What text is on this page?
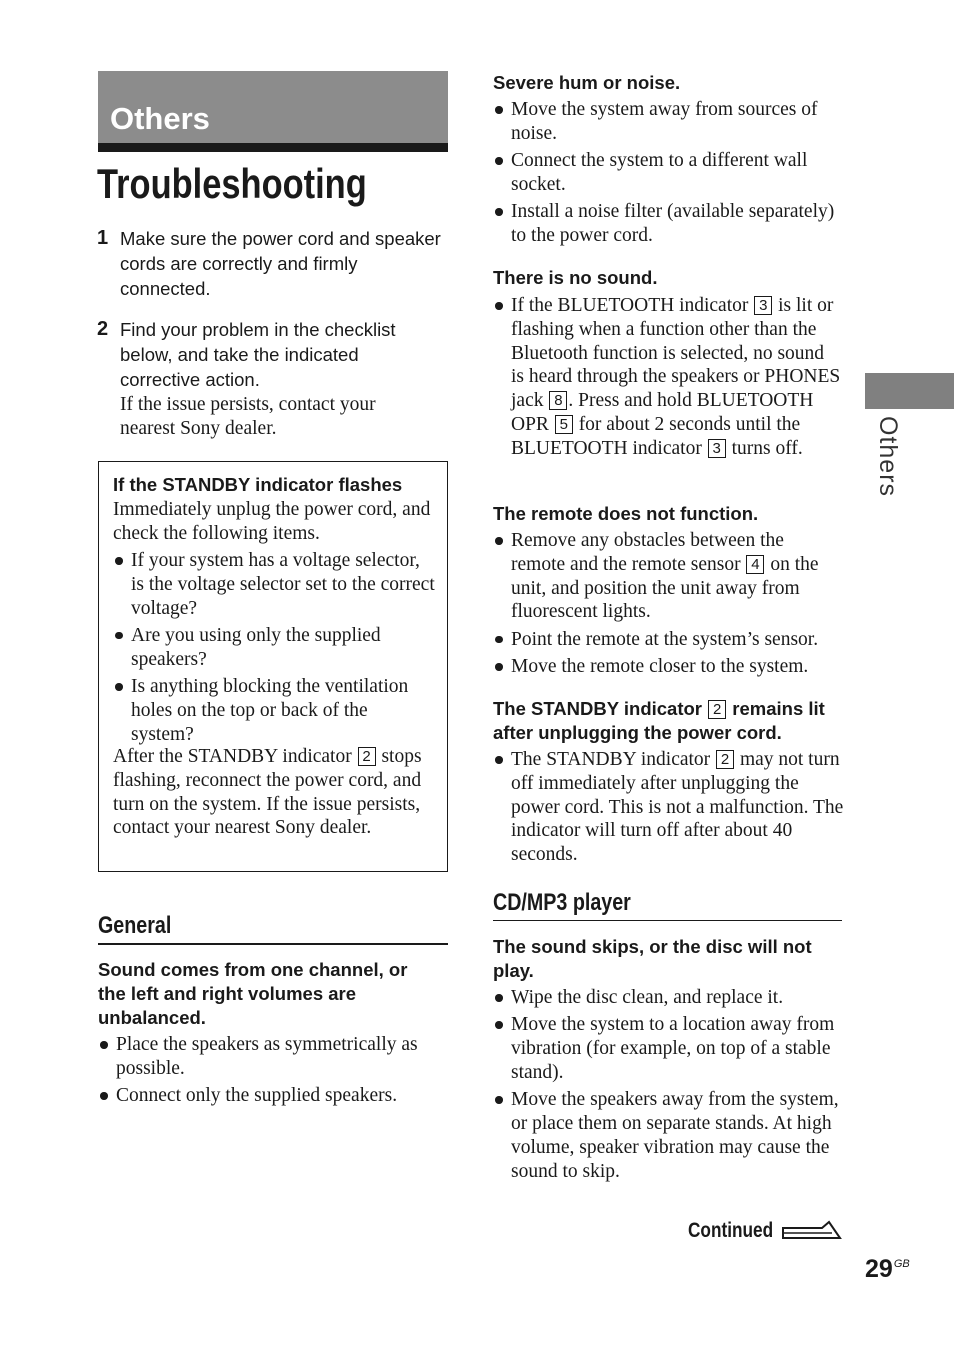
Others
Troubleshooting
1 Make sure the power cord and speaker cords are correctly and firmly connected.
2 Find your problem in the checklist below, and take the indicated corrective action.
If the issue persists, contact your nearest Sony dealer.
If the STANDBY indicator flashes
Immediately unplug the power cord, and check the following items.
If your system has a voltage selector, is the voltage selector set to the correct voltage?
Are you using only the supplied speakers?
Is anything blocking the ventilation holes on the top or back of the system?
After the STANDBY indicator 2 stops flashing, reconnect the power cord, and turn on the system. If the issue persists, contact your nearest Sony dealer.
General
Sound comes from one channel, or the left and right volumes are unbalanced.
Place the speakers as symmetrically as possible.
Connect only the supplied speakers.
Severe hum or noise.
Move the system away from sources of noise.
Connect the system to a different wall socket.
Install a noise filter (available separately) to the power cord.
There is no sound.
If the BLUETOOTH indicator 3 is lit or flashing when a function other than the Bluetooth function is selected, no sound is heard through the speakers or PHONES jack 8 . Press and hold BLUETOOTH OPR 5 for about 2 seconds until the BLUETOOTH indicator 3 turns off.
The remote does not function.
Remove any obstacles between the remote and the remote sensor 4 on the unit, and position the unit away from fluorescent lights.
Point the remote at the system’s sensor.
Move the remote closer to the system.
The STANDBY indicator 2 remains lit after unplugging the power cord.
The STANDBY indicator 2 may not turn off immediately after unplugging the power cord. This is not a malfunction. The indicator will turn off after about 40 seconds.
CD/MP3 player
The sound skips, or the disc will not play.
Wipe the disc clean, and replace it.
Move the system to a location away from vibration (for example, on top of a stable stand).
Move the speakers away from the system, or place them on separate stands. At high volume, speaker vibration may cause the sound to skip.
Others
Continued
$29^{GB}$
